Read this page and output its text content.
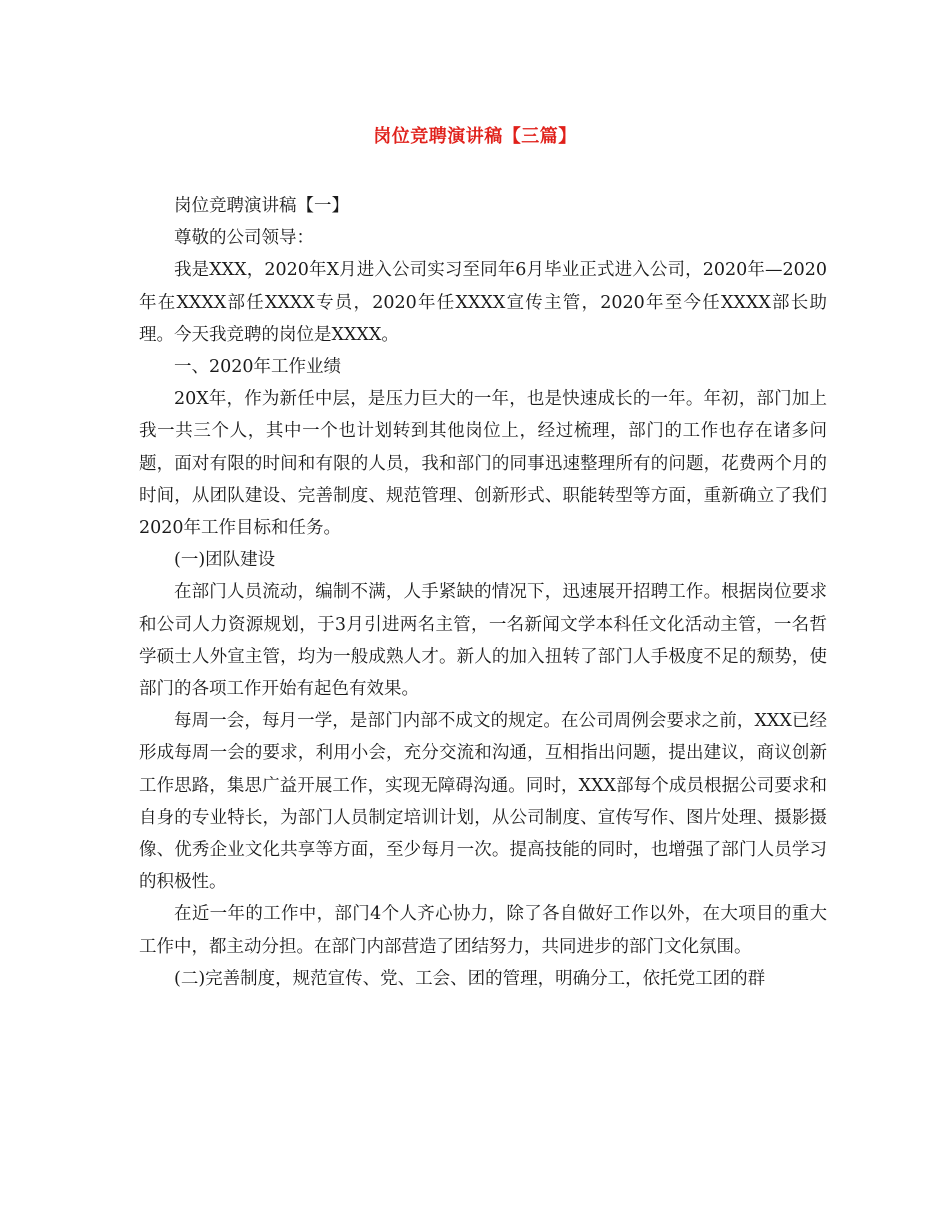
岗位竞聘演讲稿【三篇】

岗位竞聘演讲稿【一】

尊敬的公司领导：

我是XXX，2020年X月进入公司实习至同年6月毕业正式进入公司，2020年—2020年在XXXX部任XXXX专员，2020年任XXXX宣传主管，2020年至今任XXXX部长助理。今天我竞聘的岗位是XXXX。

一、2020年工作业绩

20X年，作为新任中层，是压力巨大的一年，也是快速成长的一年。年初，部门加上我一共三个人，其中一个也计划转到其他岗位上，经过梳理，部门的工作也存在诸多问题，面对有限的时间和有限的人员，我和部门的同事迅速整理所有的问题，花费两个月的时间，从团队建设、完善制度、规范管理、创新形式、职能转型等方面，重新确立了我们2020年工作目标和任务。

(一)团队建设

在部门人员流动，编制不满，人手紧缺的情况下，迅速展开招聘工作。根据岗位要求和公司人力资源规划，于3月引进两名主管，一名新闻文学本科任文化活动主管，一名哲学硕士人外宣主管，均为一般成熟人才。新人的加入扭转了部门人手极度不足的颓势，使部门的各项工作开始有起色有效果。

每周一会，每月一学，是部门内部不成文的规定。在公司周例会要求之前，XXX已经形成每周一会的要求，利用小会，充分交流和沟通，互相指出问题，提出建议，商议创新工作思路，集思广益开展工作，实现无障碍沟通。同时，XXX部每个成员根据公司要求和自身的专业特长，为部门人员制定培训计划，从公司制度、宣传写作、图片处理、摄影摄像、优秀企业文化共享等方面，至少每月一次。提高技能的同时，也增强了部门人员学习的积极性。

在近一年的工作中，部门4个人齐心协力，除了各自做好工作以外，在大项目的重大工作中，都主动分担。在部门内部营造了团结努力，共同进步的部门文化氛围。

(二)完善制度，规范宣传、党、工会、团的管理，明确分工，依托党工团的群
